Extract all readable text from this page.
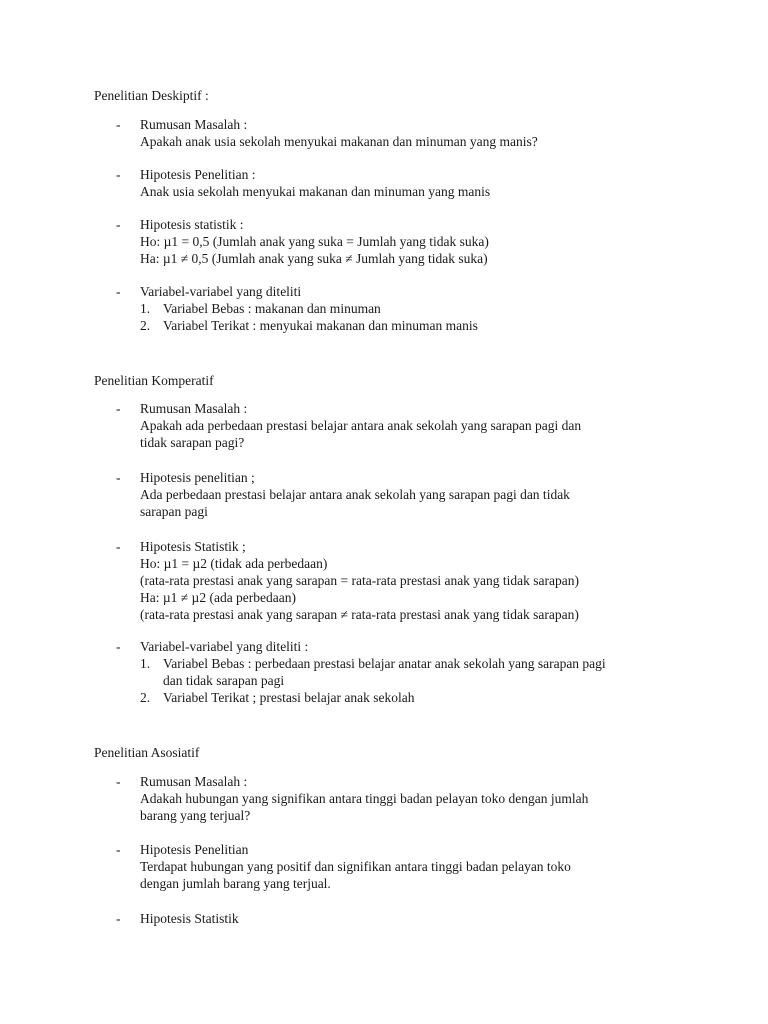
Penelitian Deskiptif :
- Rumusan Masalah :
Apakah anak usia sekolah menyukai makanan dan minuman yang manis?
- Hipotesis Penelitian :
Anak usia sekolah menyukai makanan dan minuman yang manis
- Hipotesis statistik :
Ho: µ1 = 0,5 (Jumlah anak yang suka = Jumlah yang tidak suka)
Ha: µ1 ≠ 0,5 (Jumlah anak yang suka ≠ Jumlah yang tidak suka)
- Variabel-variabel yang diteliti
1. Variabel Bebas : makanan dan minuman
2. Variabel Terikat : menyukai makanan dan minuman manis
Penelitian Komperatif
- Rumusan Masalah :
Apakah ada perbedaan prestasi belajar antara anak sekolah yang sarapan pagi dan
tidak sarapan pagi?
- Hipotesis penelitian ;
Ada perbedaan prestasi belajar antara anak sekolah yang sarapan pagi dan tidak
sarapan pagi
- Hipotesis Statistik ;
Ho: µ1 = µ2 (tidak ada perbedaan)
(rata-rata prestasi anak yang sarapan = rata-rata prestasi anak yang tidak sarapan)
Ha: µ1 ≠ µ2 (ada perbedaan)
(rata-rata prestasi anak yang sarapan ≠ rata-rata prestasi anak yang tidak sarapan)
- Variabel-variabel yang diteliti :
1. Variabel Bebas : perbedaan prestasi belajar anatar anak sekolah yang sarapan pagi
dan tidak sarapan pagi
2. Variabel Terikat ; prestasi belajar anak sekolah
Penelitian Asosiatif
- Rumusan Masalah :
Adakah hubungan yang signifikan antara tinggi badan pelayan toko dengan jumlah
barang yang terjual?
- Hipotesis Penelitian
Terdapat hubungan yang positif dan signifikan antara tinggi badan pelayan toko
dengan jumlah barang yang terjual.
- Hipotesis Statistik
